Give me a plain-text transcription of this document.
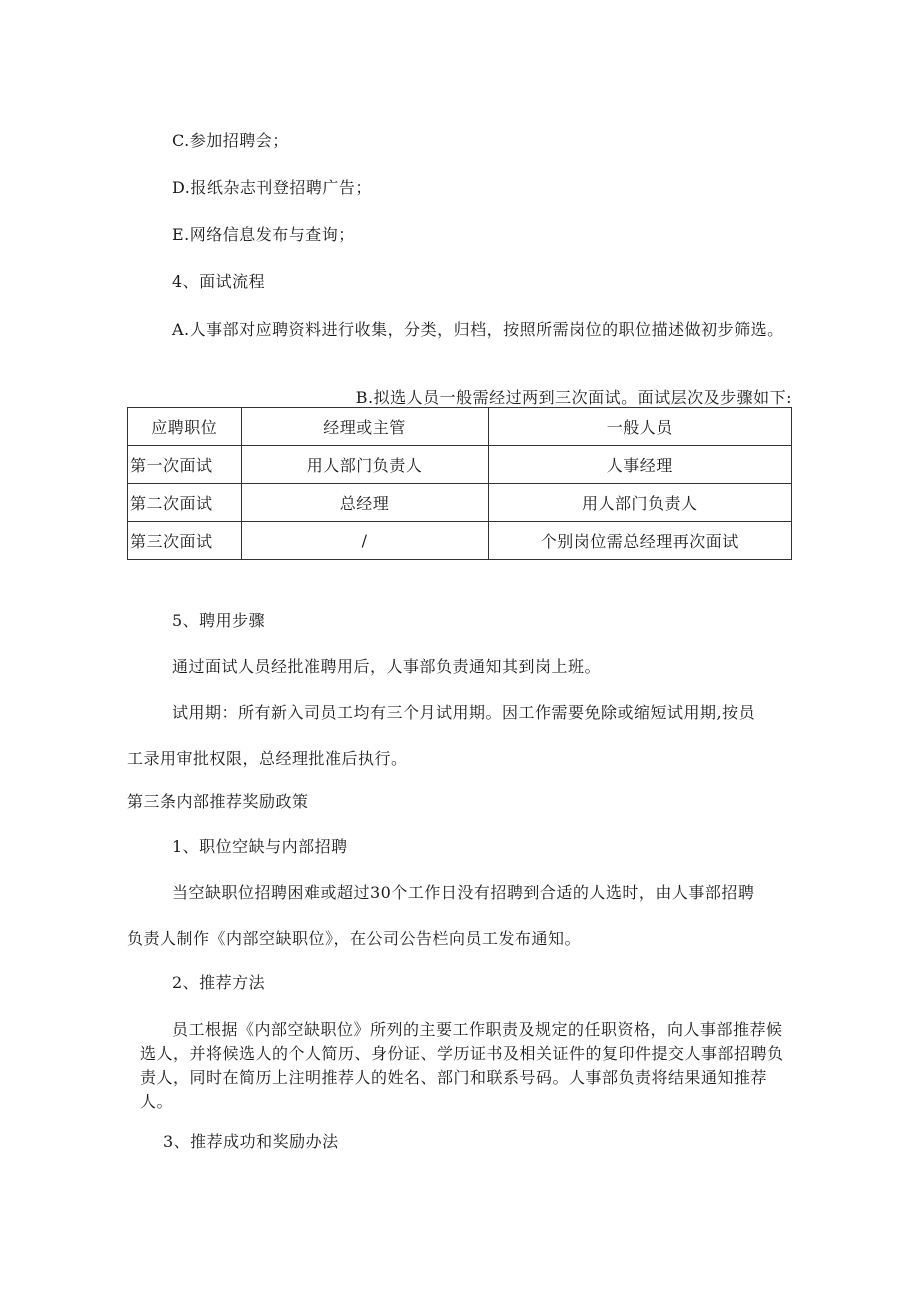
C.参加招聘会；
D.报纸杂志刊登招聘广告；
E.网络信息发布与查询；
4、面试流程
A.人事部对应聘资料进行收集，分类，归档，按照所需岗位的职位描述做初步筛选。
B.拟选人员一般需经过两到三次面试。面试层次及步骤如下:
应聘职位	经理或主管	一般人员
第一次面试	用人部门负责人	人事经理
第二次面试	总经理	用人部门负责人
第三次面试	/	个别岗位需总经理再次面试
5、聘用步骤
通过面试人员经批准聘用后，人事部负责通知其到岗上班。
试用期：所有新入司员工均有三个月试用期。因工作需要免除或缩短试用期,按员
工录用审批权限，总经理批准后执行。
第三条内部推荐奖励政策
1、职位空缺与内部招聘
当空缺职位招聘困难或超过30个工作日没有招聘到合适的人选时，由人事部招聘
负责人制作《内部空缺职位》，在公司公告栏向员工发布通知。
2、推荐方法
员工根据《内部空缺职位》所列的主要工作职责及规定的任职资格，向人事部推荐候选人，并将候选人的个人简历、身份证、学历证书及相关证件的复印件提交人事部招聘负责人，同时在简历上注明推荐人的姓名、部门和联系号码。人事部负责将结果通知推荐人。
3、推荐成功和奖励办法
